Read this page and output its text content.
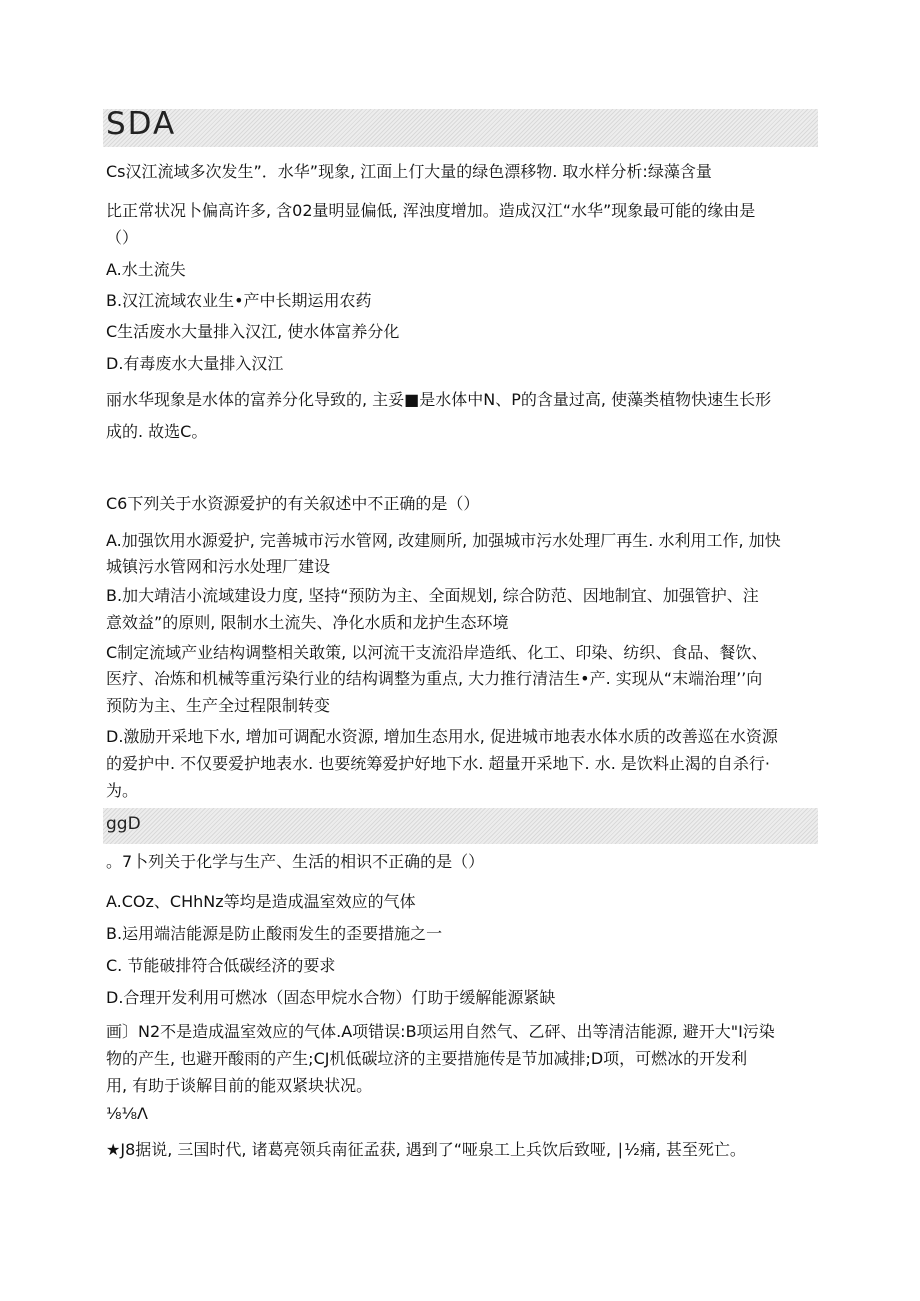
SDA
Cs汉江流域多次发生”．水华”现象, 江面上仃大量的绿色漂移物. 取水样分析:绿藻含量
比正常状况卜偏高许多, 含02量明显偏低, 浑浊度增加。造成汉江“水华”现象最可能的缘由是
（）
A.水土流失
B.汉江流域农业生•产中长期运用农药
C生活废水大量排入汉江, 使水体富养分化
D.有毒废水大量排入汉江
丽水华现象是水体的富养分化导致的, 主妥■是水体中N、P的含量过高, 使藻类植物快速生长形
成的. 故选C。
C6下列关于水资源爱护的有关叙述中不正确的是（）
A.加强饮用水源爱护, 完善城市污水管网, 改建厕所, 加强城市污水处理厂再生. 水利用工作, 加快
城镇污水管网和污水处理厂建设
B.加大靖洁小流域建设力度, 坚持“预防为主、全面规划, 综合防范、因地制宜、加强管护、注
意效益”的原则, 限制水土流失、净化水质和龙护生态环境
C制定流域产业结构调整相关敢策, 以河流干支流沿岸造纸、化工、印染、纺织、食品、餐饮、
医疗、冶炼和机械等重污染行业的结构调整为重点, 大力推行清洁生•产. 实现从“末端治理’’向
预防为主、生产全过程限制转变
D.激励开采地下水, 增加可调配水资源, 增加生态用水, 促进城市地表水体水质的改善巡在水资源
的爱护中. 不仅要爱护地表水. 也要统筹爱护好地下水. 超量开采地下. 水. 是饮料止渴的自杀行·
为。
ggD
。7卜列关于化学与生产、生活的相识不正确的是（）
A.COz、CHhNz等均是造成温室效应的气体
B.运用端洁能源是防止酸雨发生的歪要措施之一
C. 节能破排符合低碳经济的要求
D.合理开发利用可燃冰（固态甲烷水合物）仃助于缓解能源紧缺
画〕N2不是造成温室效应的气体.A项错误:B项运用自然气、乙砰、出等清洁能源, 避开大"I污染
物的产生, 也避开酸雨的产生;CJ机低碳垃济的主要措施传是节加减排;D项，可燃冰的开发利
用, 有助于谈解目前的能双紧块状况。
⅛⅛Λ
★J8据说, 三国时代, 诸葛亮领兵南征孟获, 遇到了“哑泉工上兵饮后致哑, ∣½痛, 甚至死亡。
